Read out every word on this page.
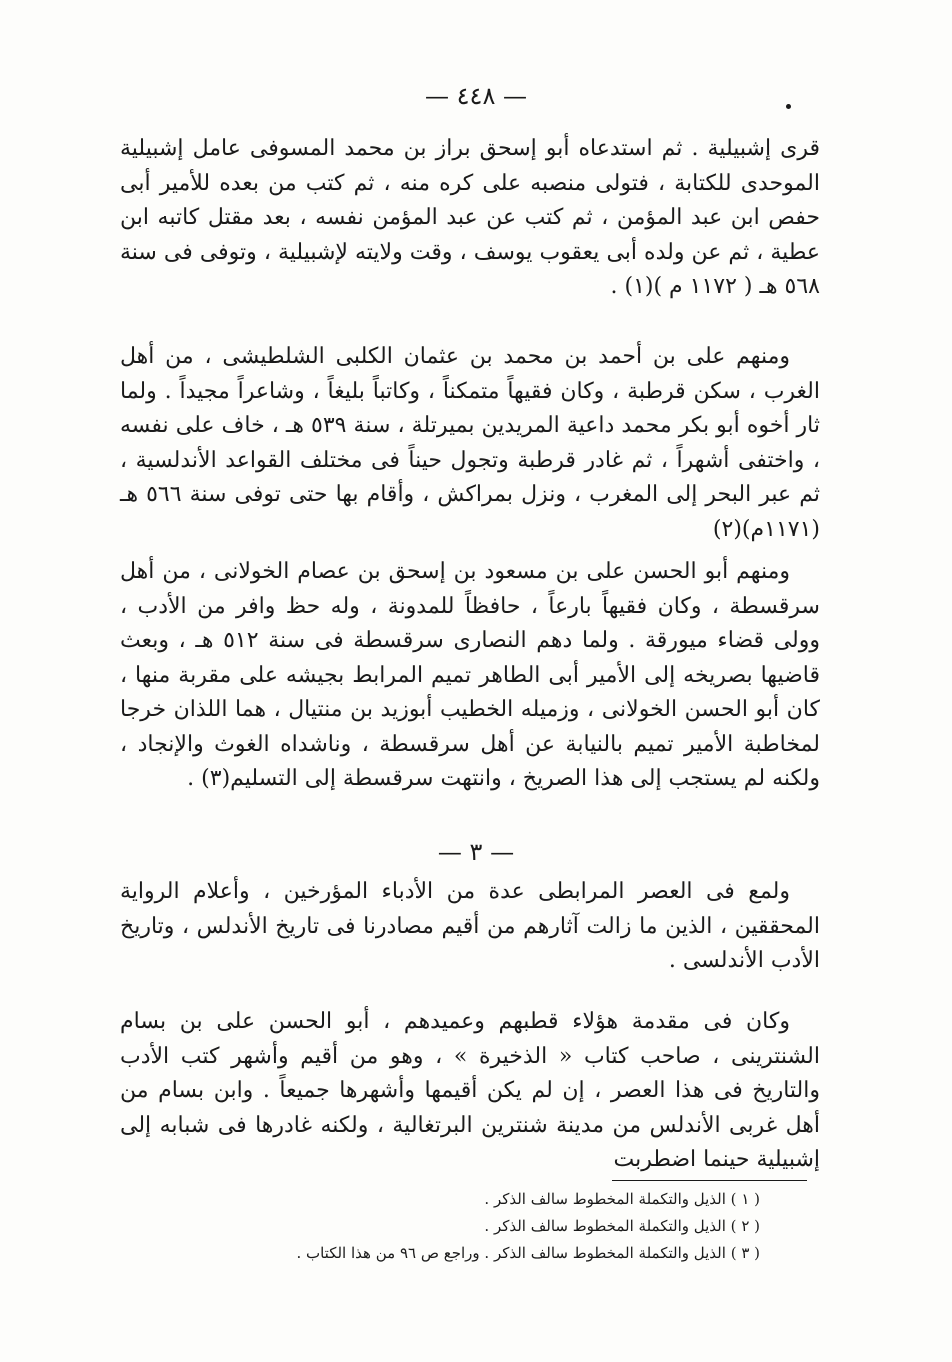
— ٤٤٨ —

قرى إشبيلية . ثم استدعاه أبو إسحق براز بن محمد المسوفى عامل إشبيلية الموحدى للكتابة ، فتولى منصبه على كره منه ، ثم كتب من بعده للأمير أبى حفص ابن عبد المؤمن ، ثم كتب عن عبد المؤمن نفسه ، بعد مقتل كاتبه ابن عطية ، ثم عن ولده أبى يعقوب يوسف ، وقت ولايته لإشبيلية ، وتوفى فى سنة ٥٦٨ هـ ( ١١٧٢ م )(١) .

ومنهم على بن أحمد بن محمد بن عثمان الكلبى الشلطيشى ، من أهل الغرب ، سكن قرطبة ، وكان فقيهاً متمكناً ، وكاتباً بليغاً ، وشاعراً مجيداً . ولما ثار أخوه أبو بكر محمد داعية المريدين بميرتلة ، سنة ٥٣٩ هـ ، خاف على نفسه ، واختفى أشهراً ، ثم غادر قرطبة وتجول حيناً فى مختلف القواعد الأندلسية ، ثم عبر البحر إلى المغرب ، ونزل بمراكش ، وأقام بها حتى توفى سنة ٥٦٦ هـ (١١٧١م)(٢)

ومنهم أبو الحسن على بن مسعود بن إسحق بن عصام الخولانى ، من أهل سرقسطة ، وكان فقيهاً بارعاً ، حافظاً للمدونة ، وله حظ وافر من الأدب ، وولى قضاء ميورقة . ولما دهم النصارى سرقسطة فى سنة ٥١٢ هـ ، وبعث قاضيها بصريخه إلى الأمير أبى الطاهر تميم المرابط بجيشه على مقربة منها ، كان أبو الحسن الخولانى ، وزميله الخطيب أبوزيد بن منتيال ، هما اللذان خرجا لمخاطبة الأمير تميم بالنيابة عن أهل سرقسطة ، وناشداه الغوث والإنجاد ، ولكنه لم يستجب إلى هذا الصريخ ، وانتهت سرقسطة إلى التسليم(٣) .

— ٣ —

ولمع فى العصر المرابطى عدة من الأدباء المؤرخين ، وأعلام الرواية المحققين ، الذين ما زالت آثارهم من أقيم مصادرنا فى تاريخ الأندلس ، وتاريخ الأدب الأندلسى .

وكان فى مقدمة هؤلاء قطبهم وعميدهم ، أبو الحسن على بن بسام الشنترينى ، صاحب كتاب « الذخيرة » ، وهو من أقيم وأشهر كتب الأدب والتاريخ فى هذا العصر ، إن لم يكن أقيمها وأشهرها جميعاً . وابن بسام من أهل غربى الأندلس من مدينة شنترين البرتغالية ، ولكنه غادرها فى شبابه إلى إشبيلية حينما اضطربت

( ١ ) الذيل والتكملة المخطوط سالف الذكر .
( ٢ ) الذيل والتكملة المخطوط سالف الذكر .
( ٣ ) الذيل والتكملة المخطوط سالف الذكر . وراجع ص ٩٦ من هذا الكتاب .
